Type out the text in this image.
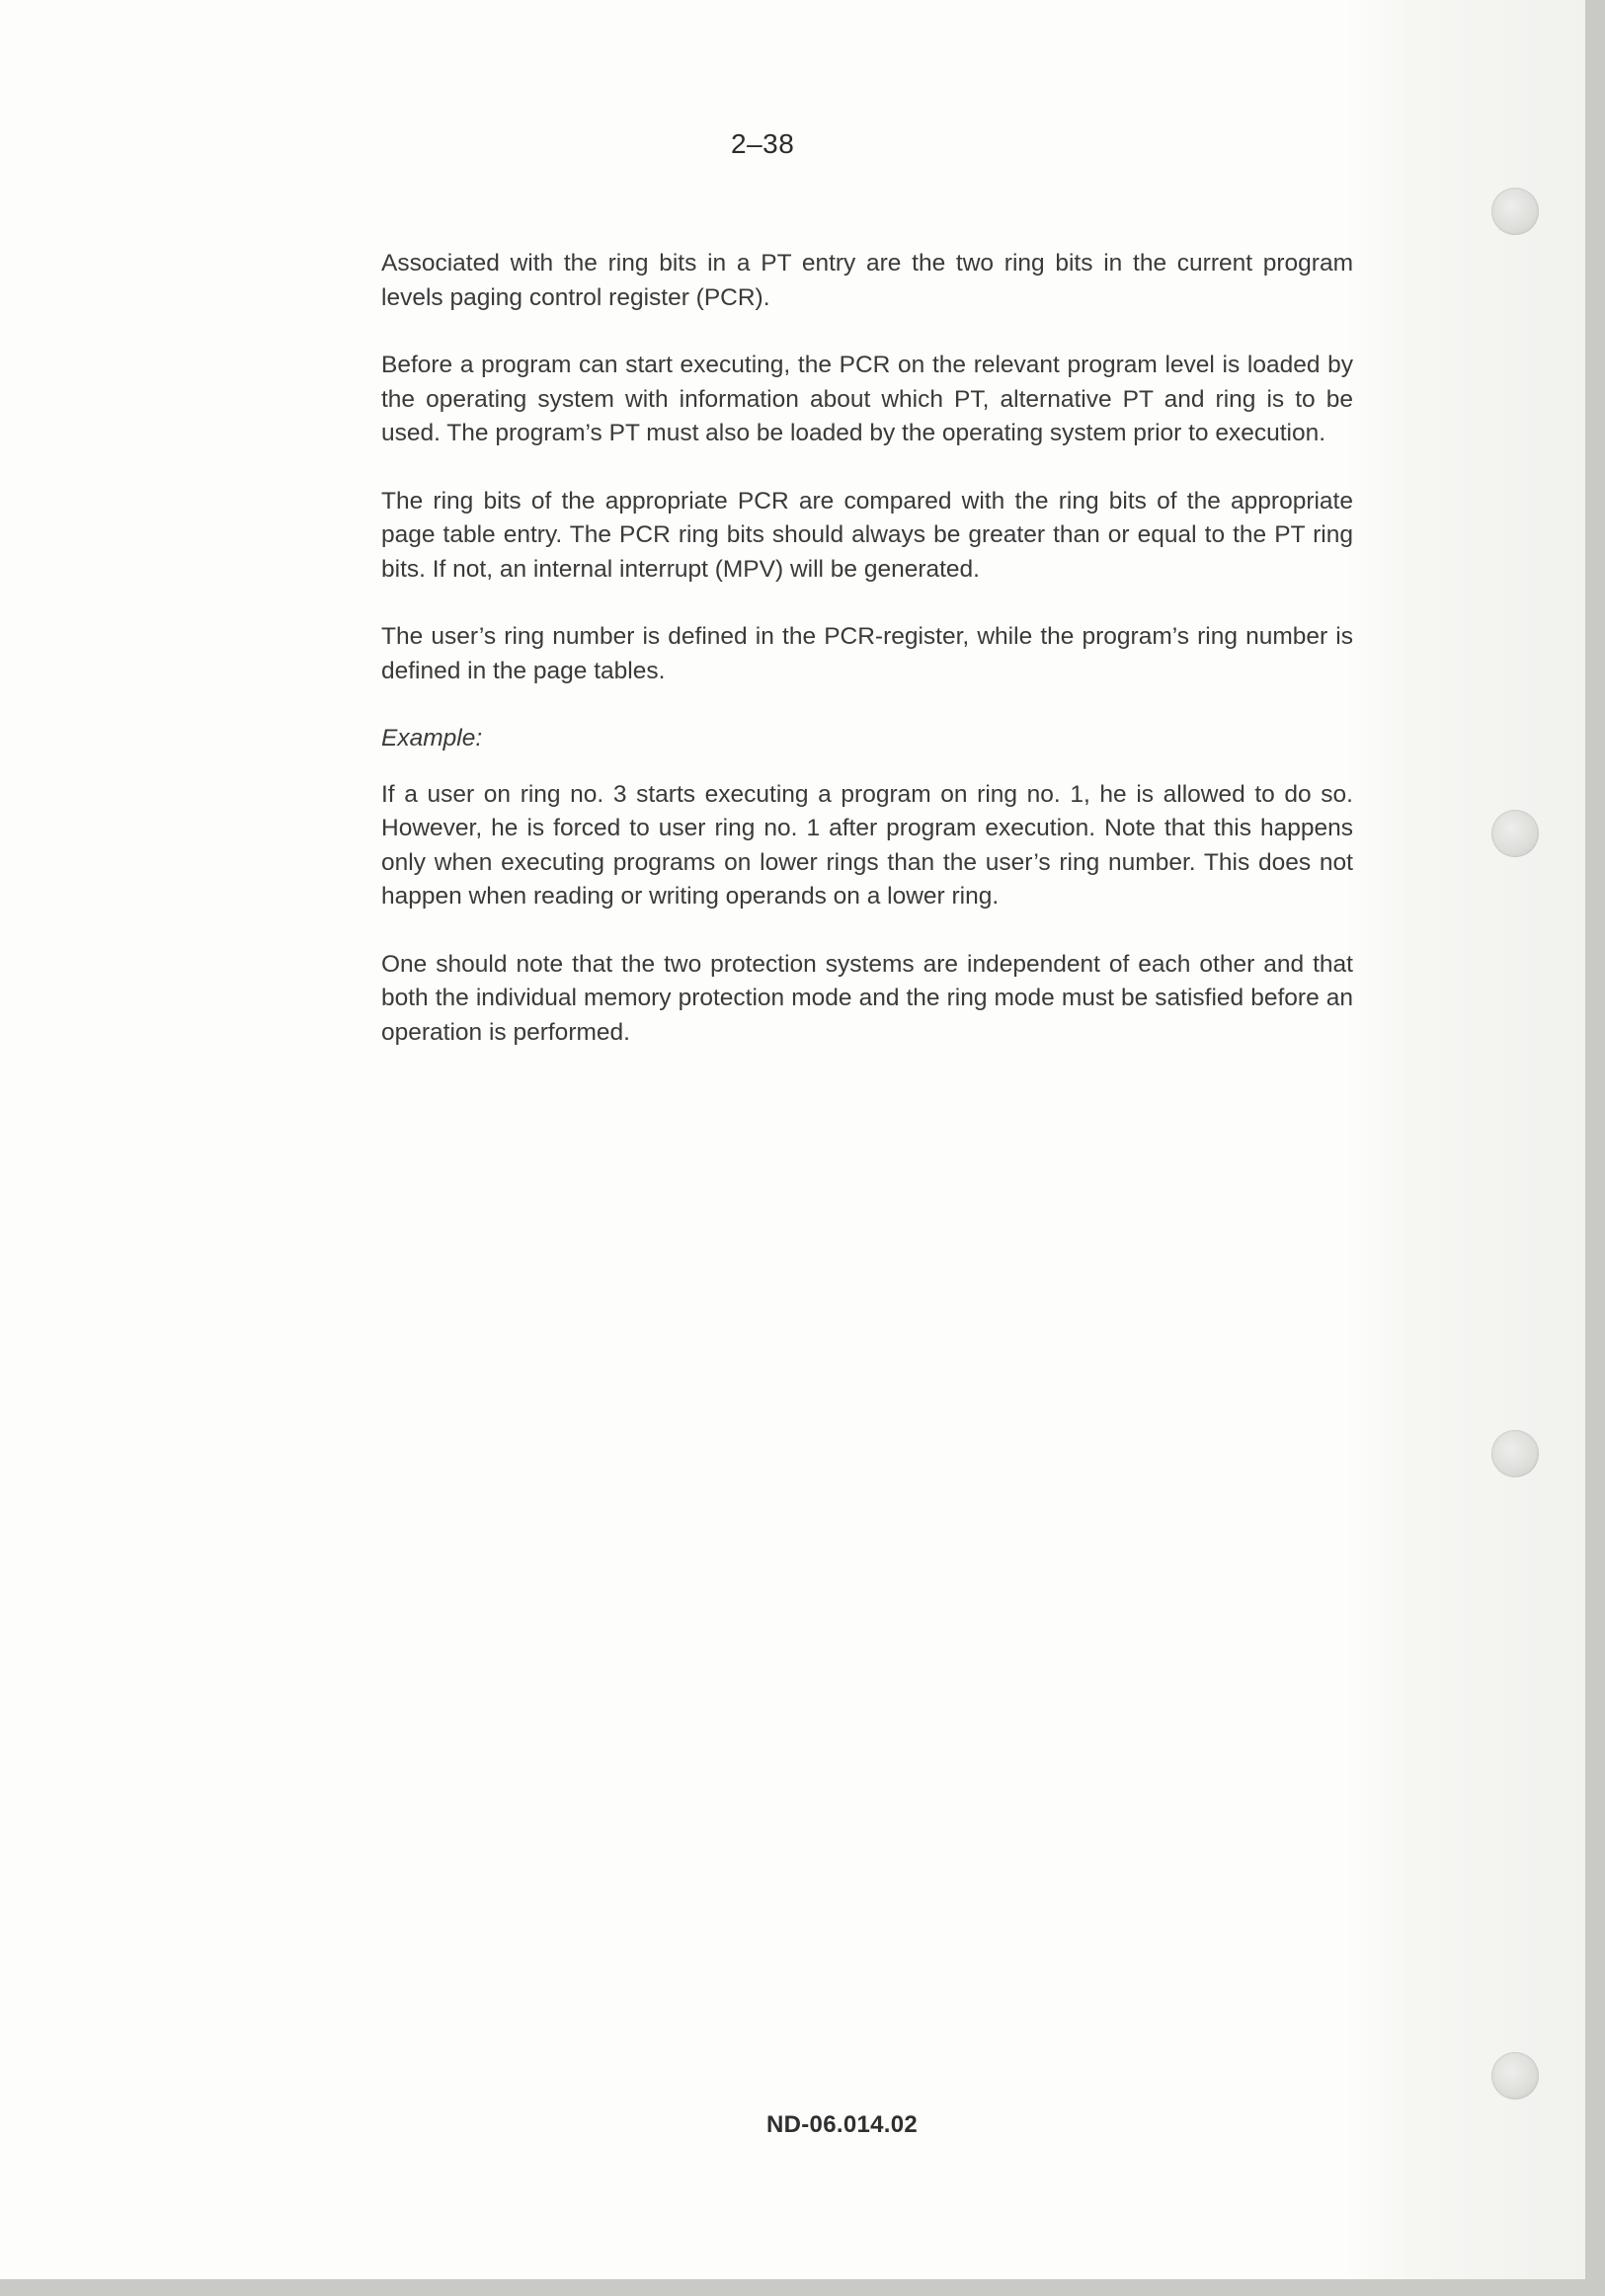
2–38

Associated with the ring bits in a PT entry are the two ring bits in the current program levels paging control register (PCR).

Before a program can start executing, the PCR on the relevant program level is loaded by the operating system with information about which PT, alternative PT and ring is to be used. The program’s PT must also be loaded by the operating system prior to execution.

The ring bits of the appropriate PCR are compared with the ring bits of the appropriate page table entry. The PCR ring bits should always be greater than or equal to the PT ring bits. If not, an internal interrupt (MPV) will be generated.

The user’s ring number is defined in the PCR-register, while the program’s ring number is defined in the page tables.

Example:

If a user on ring no. 3 starts executing a program on ring no. 1, he is allowed to do so. However, he is forced to user ring no. 1 after program execution. Note that this happens only when executing programs on lower rings than the user’s ring number. This does not happen when reading or writing operands on a lower ring.

One should note that the two protection systems are independent of each other and that both the individual memory protection mode and the ring mode must be satisfied before an operation is performed.

ND-06.014.02
